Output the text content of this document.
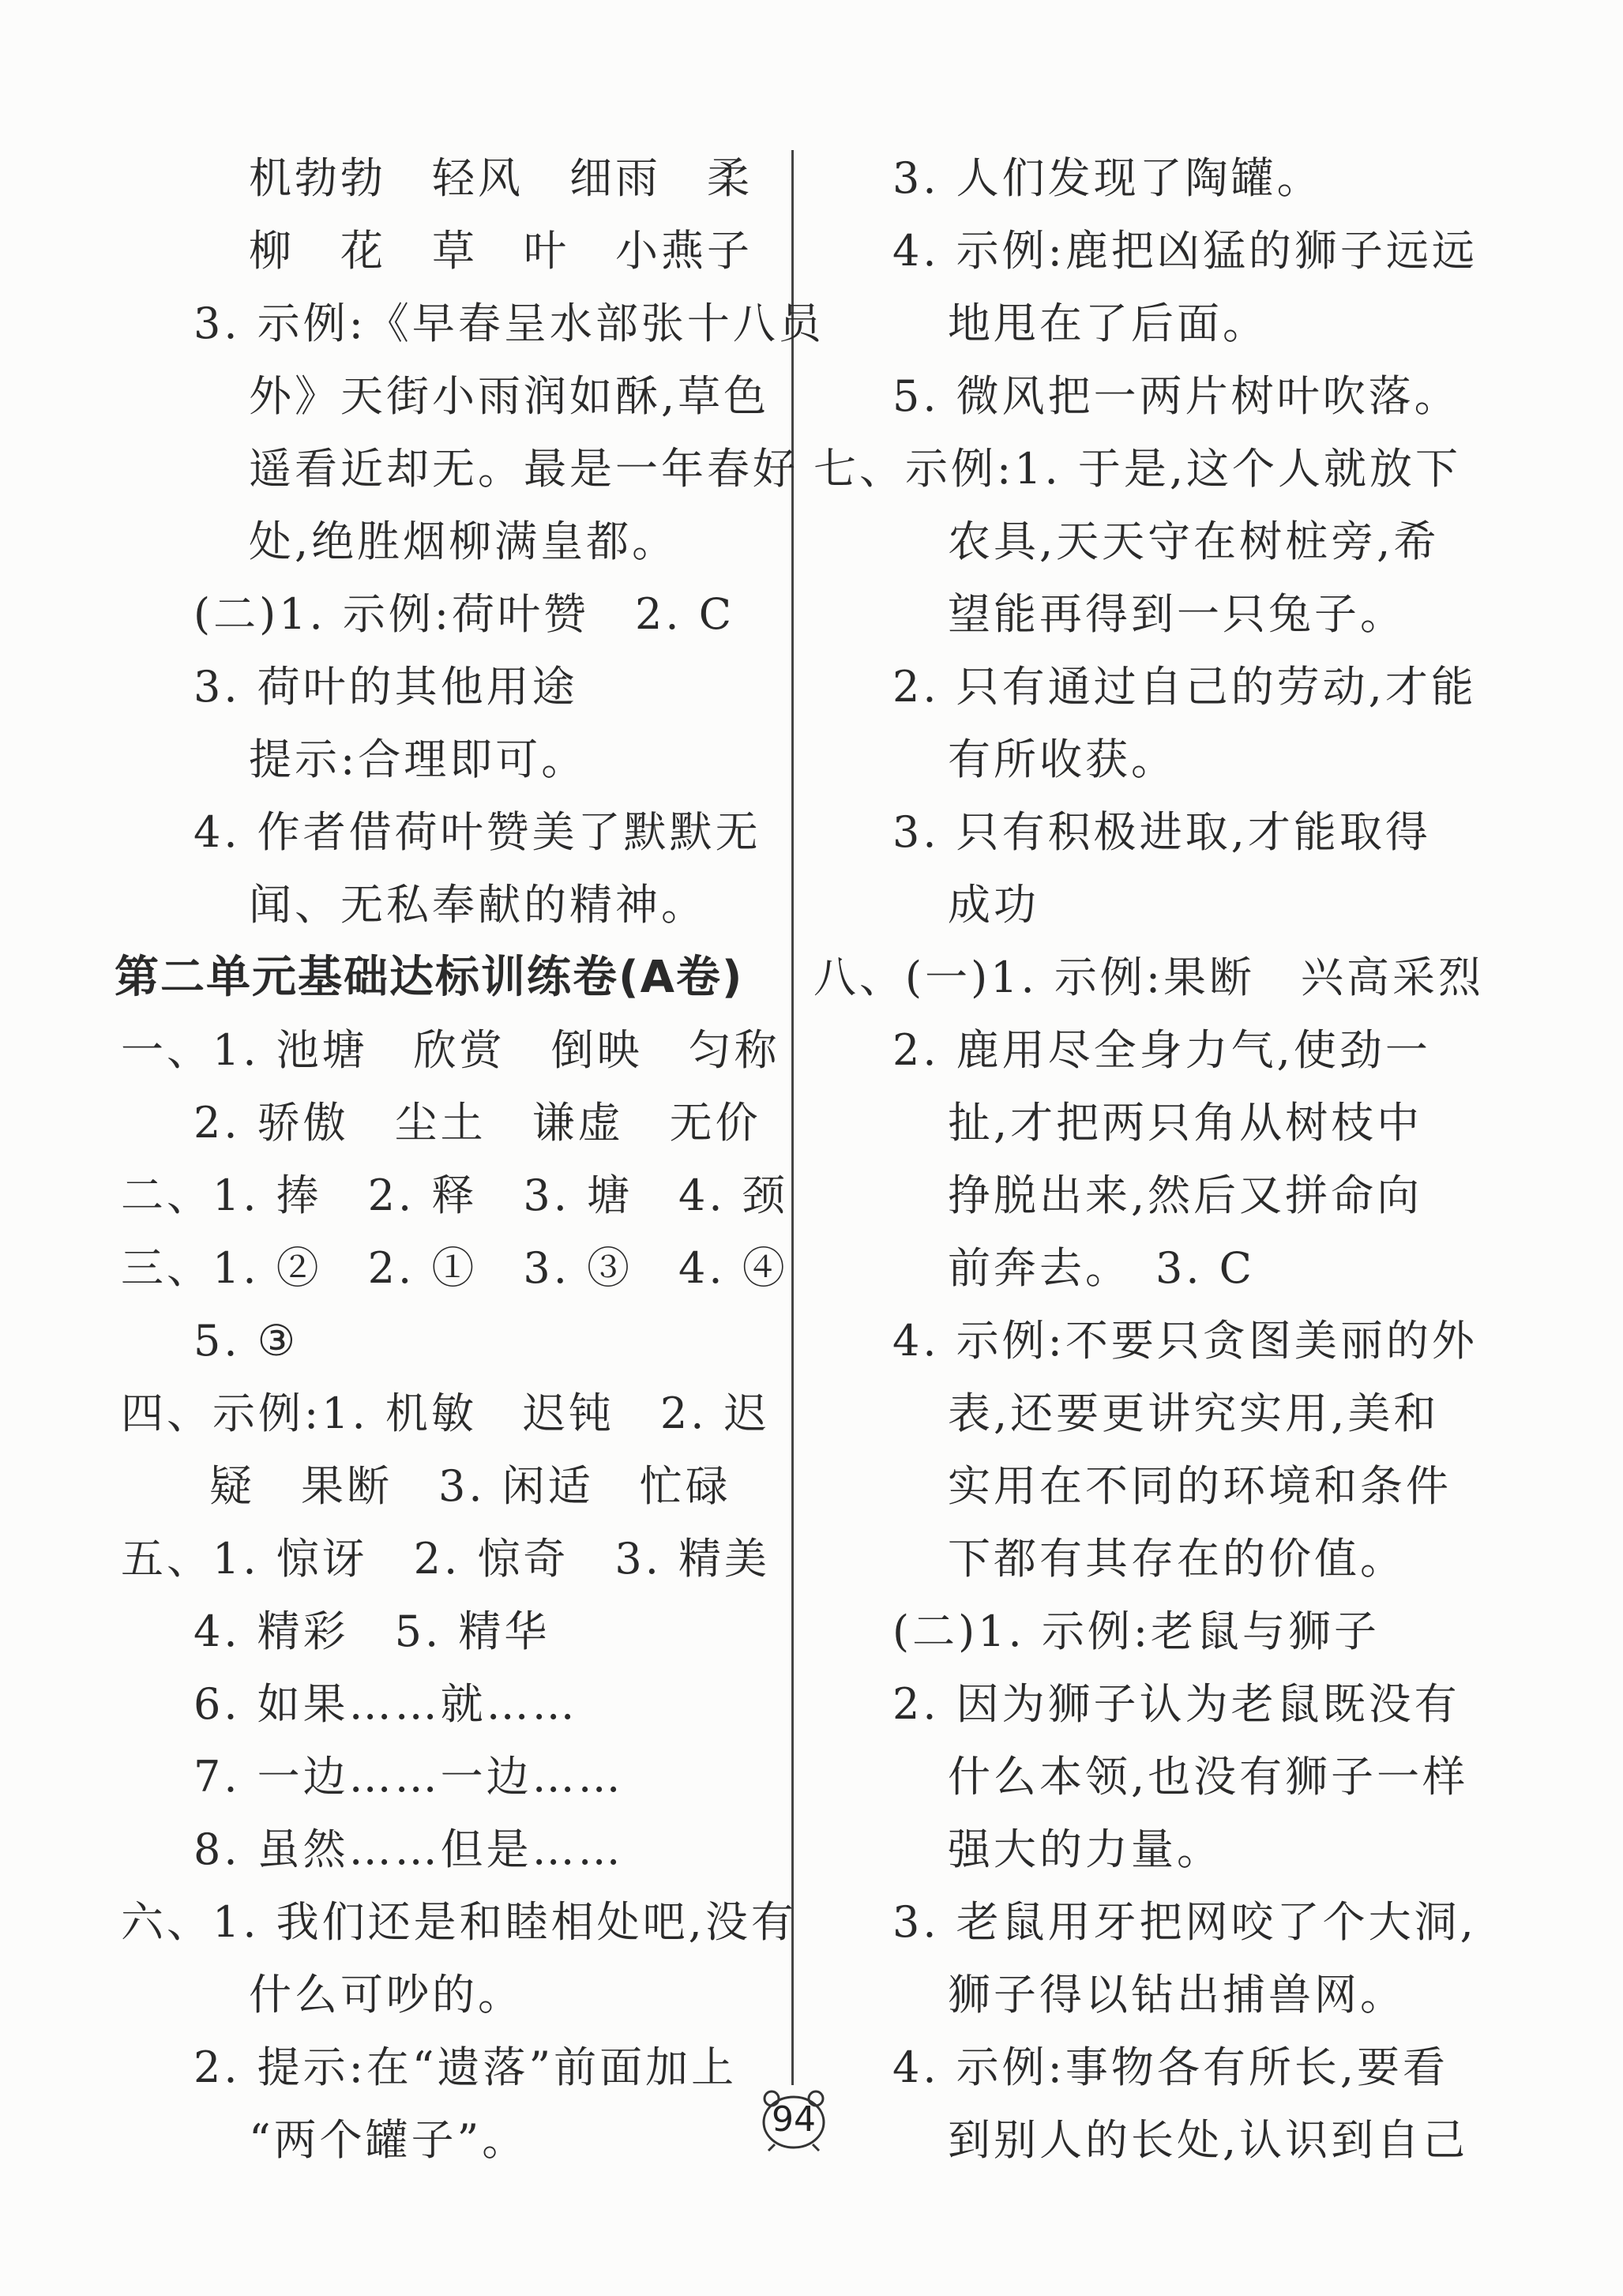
机勃勃　轻风　细雨　柔
柳　花　草　叶　小燕子
3. 示例:《早春呈水部张十八员
外》天街小雨润如酥,草色
遥看近却无。最是一年春好
处,绝胜烟柳满皇都。
(二)1. 示例:荷叶赞　2. C
3. 荷叶的其他用途
提示:合理即可。
4. 作者借荷叶赞美了默默无
闻、无私奉献的精神。
第二单元基础达标训练卷(A卷)
一、1. 池塘　欣赏　倒映　匀称
2. 骄傲　尘土　谦虚　无价
二、1. 捧　2. 释　3. 塘　4. 颈
三、1. ②　2. ①　3. ③　4. ④
5. ③
四、示例:1. 机敏　迟钝　2. 迟
疑　果断　3. 闲适　忙碌
五、1. 惊讶　2. 惊奇　3. 精美
4. 精彩　5. 精华
6. 如果……就……
7. 一边……一边……
8. 虽然……但是……
六、1. 我们还是和睦相处吧,没有
什么可吵的。
2. 提示:在“遗落”前面加上
“两个罐子”。
3. 人们发现了陶罐。
4. 示例:鹿把凶猛的狮子远远
地甩在了后面。
5. 微风把一两片树叶吹落。
七、示例:1. 于是,这个人就放下
农具,天天守在树桩旁,希
望能再得到一只兔子。
2. 只有通过自己的劳动,才能
有所收获。
3. 只有积极进取,才能取得
成功
八、(一)1. 示例:果断　兴高采烈
2. 鹿用尽全身力气,使劲一
扯,才把两只角从树枝中
挣脱出来,然后又拼命向
前奔去。　3. C
4. 示例:不要只贪图美丽的外
表,还要更讲究实用,美和
实用在不同的环境和条件
下都有其存在的价值。
(二)1. 示例:老鼠与狮子
2. 因为狮子认为老鼠既没有
什么本领,也没有狮子一样
强大的力量。
3. 老鼠用牙把网咬了个大洞,
狮子得以钻出捕兽网。
4. 示例:事物各有所长,要看
到别人的长处,认识到自己
94
